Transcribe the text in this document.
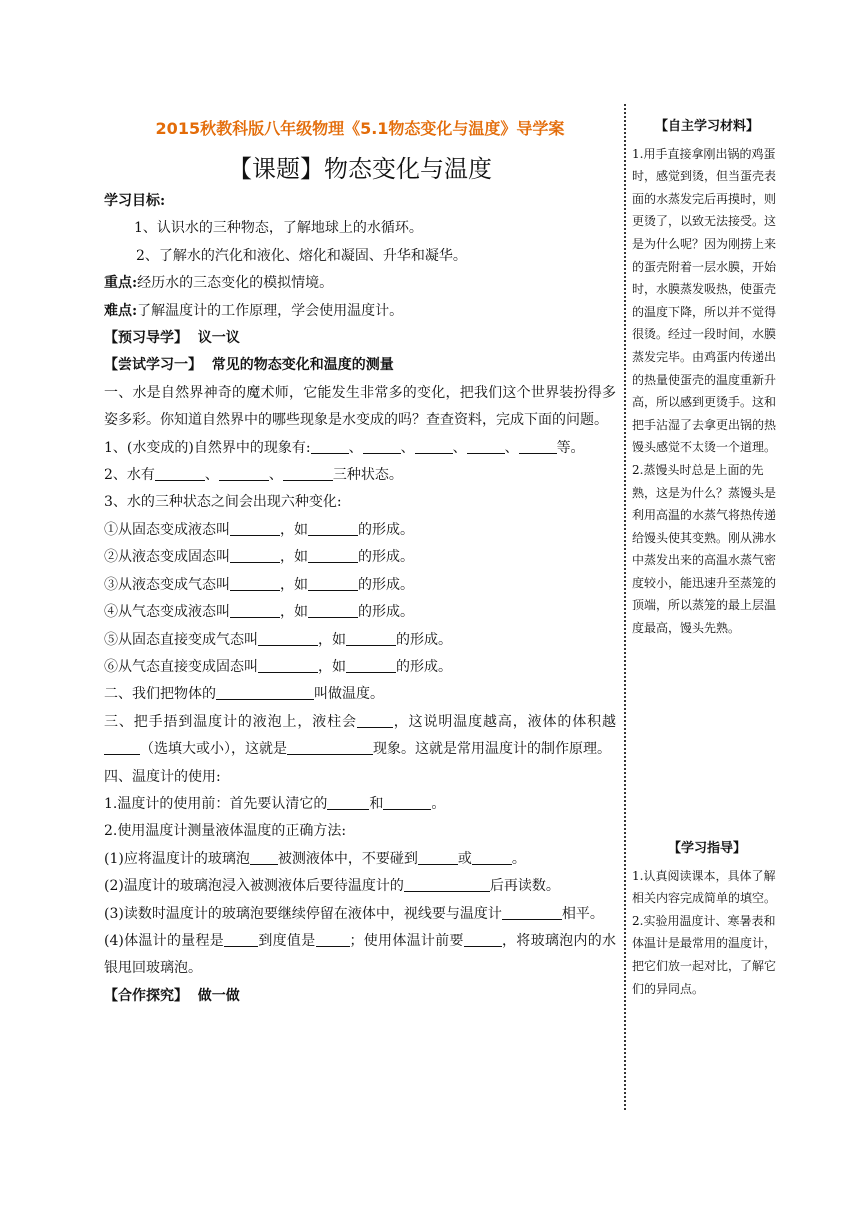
2015秋教科版八年级物理《5.1物态变化与温度》导学案
【课题】物态变化与温度

学习目标:

1、认识水的三种物态，了解地球上的水循环。

2、了解水的汽化和液化、熔化和凝固、升华和凝华。

重点:经历水的三态变化的模拟情境。

难点:了解温度计的工作原理，学会使用温度计。

【预习导学】 议一议

【尝试学习一】 常见的物态变化和温度的测量

一、水是自然界神奇的魔术师，它能发生非常多的变化，把我们这个世界装扮得多姿多彩。你知道自然界中的哪些现象是水变成的吗？查查资料，完成下面的问题。

1、(水变成的)自然界中的现象有:	、	、	、	、	等。

2、水有	、	、	三种状态。

3、水的三种状态之间会出现六种变化:

①从固态变成液态叫	，如	的形成。

②从液态变成固态叫	，如	的形成。

③从液态变成气态叫	，如	的形成。

④从气态变成液态叫	，如	的形成。

⑤从固态直接变成气态叫	，如	的形成。

⑥从气态直接变成固态叫	，如	的形成。

二、我们把物体的	叫做温度。

三、把手捂到温度计的液泡上，液柱会	，这说明温度越高，液体的体积越（选填大或小），这就是	现象。这就是常用温度计的制作原理。

四、温度计的使用:

1.温度计的使用前：首先要认清它的	和	。

2.使用温度计测量液体温度的正确方法:

(1)应将温度计的玻璃泡 被测液体中，不要碰到	或	。

(2)温度计的玻璃泡浸入被测液体后要待温度计的	后再读数。

(3)读数时温度计的玻璃泡要继续停留在液体中，视线要与温度计	相平。

(4)体温计的量程是 到度值是 ；使用体温计前要	，将玻璃泡内的水银甩回玻璃泡。

【合作探究】 做一做

【自主学习材料】

1.用手直接拿刚出锅的鸡蛋时，感觉到烫，但当蛋壳表面的水蒸发完后再摸时，则更烫了，以致无法接受。这是为什么呢？因为刚捞上来的蛋壳附着一层水膜，开始时，水膜蒸发吸热，使蛋壳的温度下降，所以并不觉得很烫。经过一段时间，水膜蒸发完毕。由鸡蛋内传递出的热量使蛋壳的温度重新升高，所以感到更烫手。这和把手沾湿了去拿更出锅的热馒头感觉不太烫一个道理。

2.蒸馒头时总是上面的先熟，这是为什么？蒸馒头是利用高温的水蒸气将热传递给馒头使其变熟。刚从沸水中蒸发出来的高温水蒸气密度较小，能迅速升至蒸笼的顶端，所以蒸笼的最上层温度最高，馒头先熟。

【学习指导】

1.认真阅读课本，具体了解相关内容完成简单的填空。

2.实验用温度计、寒暑表和体温计是最常用的温度计，把它们放一起对比，了解它们的异同点。
